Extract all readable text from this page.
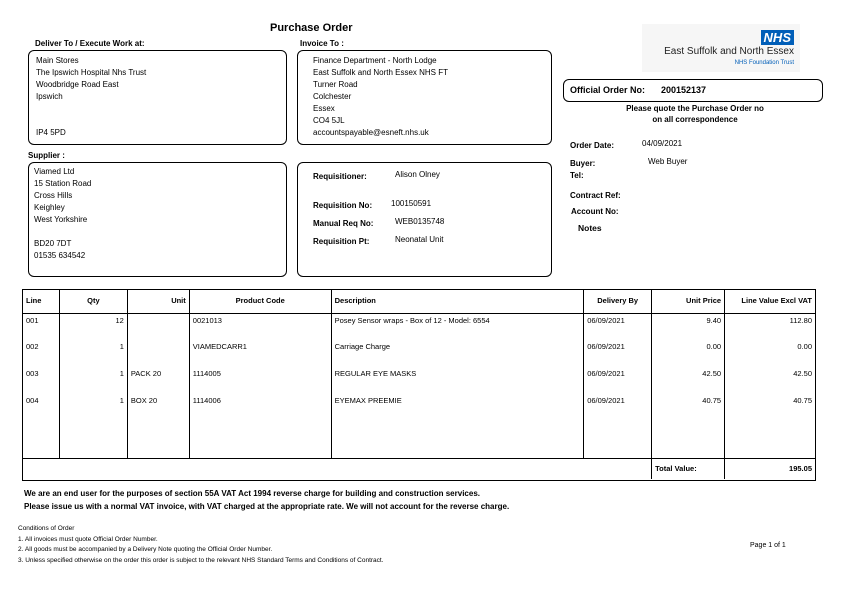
Purchase Order
NHS
East Suffolk and North Essex
NHS Foundation Trust
Deliver To / Execute Work at:
Main Stores
The Ipswich Hospital Nhs Trust
Woodbridge Road East
Ipswich
IP4 5PD
Invoice To :
Finance Department - North Lodge
East Suffolk and North Essex NHS FT
Turner Road
Colchester
Essex
CO4 5JL
accountspayable@esneft.nhs.uk
Supplier :
Viamed Ltd
15 Station Road
Cross Hills
Keighley
West Yorkshire
BD20 7DT
01535 634542
Requisitioner:	Alison Olney
Requisition No: 100150591
Manual Req No:	WEB0135748
Requisition Pt:	Neonatal Unit
Official Order No: 200152137
Please quote the Purchase Order no
on all correspondence
Order Date:	04/09/2021
Buyer:	Web Buyer
Tel:
Contract Ref:
Account No:
Notes
Line	Qty	Unit	Product Code	Description	Delivery By	Unit Price	Line Value Excl VAT
001	12		0021013	Posey Sensor wraps - Box of 12 - Model: 6554	06/09/2021	9.40	112.80
002	1		VIAMEDCARR1	Carriage Charge	06/09/2021	0.00	0.00
003	1	PACK 20	1114005	REGULAR EYE MASKS	06/09/2021	42.50	42.50
004	1	BOX 20	1114006	EYEMAX PREEMIE	06/09/2021	40.75	40.75

						Total Value:	195.05
We are an end user for the purposes of section 55A VAT Act 1994 reverse charge for building and construction services.
Please issue us with a normal VAT invoice, with VAT charged at the appropriate rate. We will not account for the reverse charge.
Conditions of Order
1. All invoices must quote Official Order Number.
2. All goods must be accompanied by a Delivery Note quoting the Official Order Number.
3. Unless specified otherwise on the order this order is subject to the relevant NHS Standard Terms and Conditions of Contract.
Page 1 of 1
